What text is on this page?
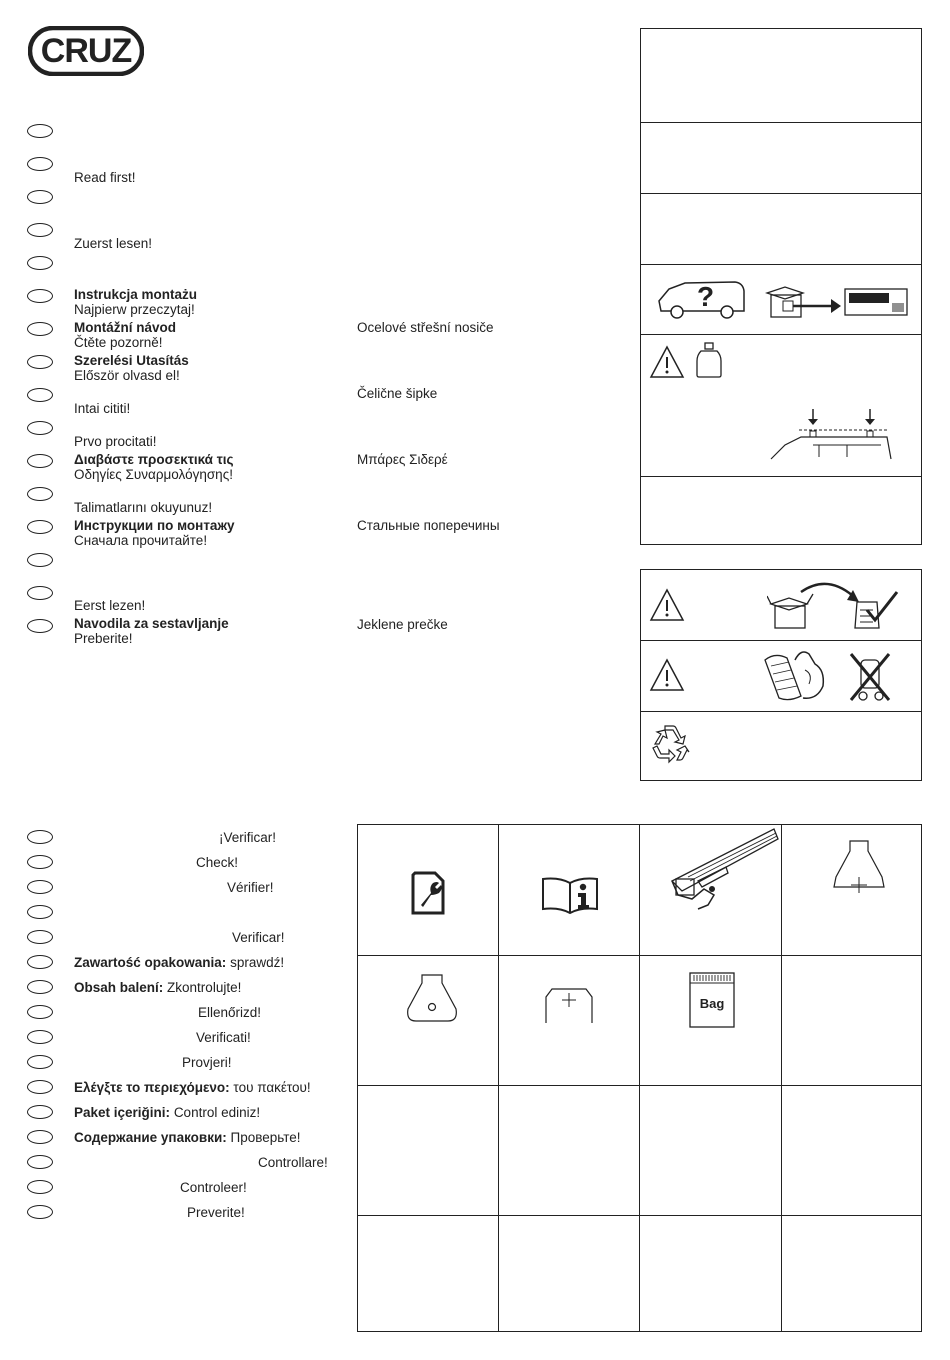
CRUZ
Read first!
Zuerst lesen!
Instrukcja montażu
Najpierw przeczytaj!
Montážní návod
Čtěte pozorně!
Szerelési Utasítás
Először olvasd el!
Intai cititi!
Prvo procitati!
Διαβάστε προσεκτικά τις
Οδηγίες Συναρμολόγησης!
Talimatlarını okuyunuz!
Инструкции по монтажу
Сначала прочитайте!
Eerst lezen!
Navodila za sestavljanje
Preberite!
Ocelové střešní nosiče
Čelične šipke
Μπάρες Σιδερέ
Стальные поперечины
Jeklene prečke
?
¡Verificar!
Check!
Vérifier!
Verificar!
Zawartość opakowania: sprawdź!
Obsah balení: Zkontrolujte!
Ellenőrizd!
Verificati!
Provjeri!
Ελέγξτε το περιεχόμενο: του πακέτου!
Paket içeriğini: Control ediniz!
Содержание упаковки: Проверьте!
Controllare!
Controleer!
Preverite!
Bag
